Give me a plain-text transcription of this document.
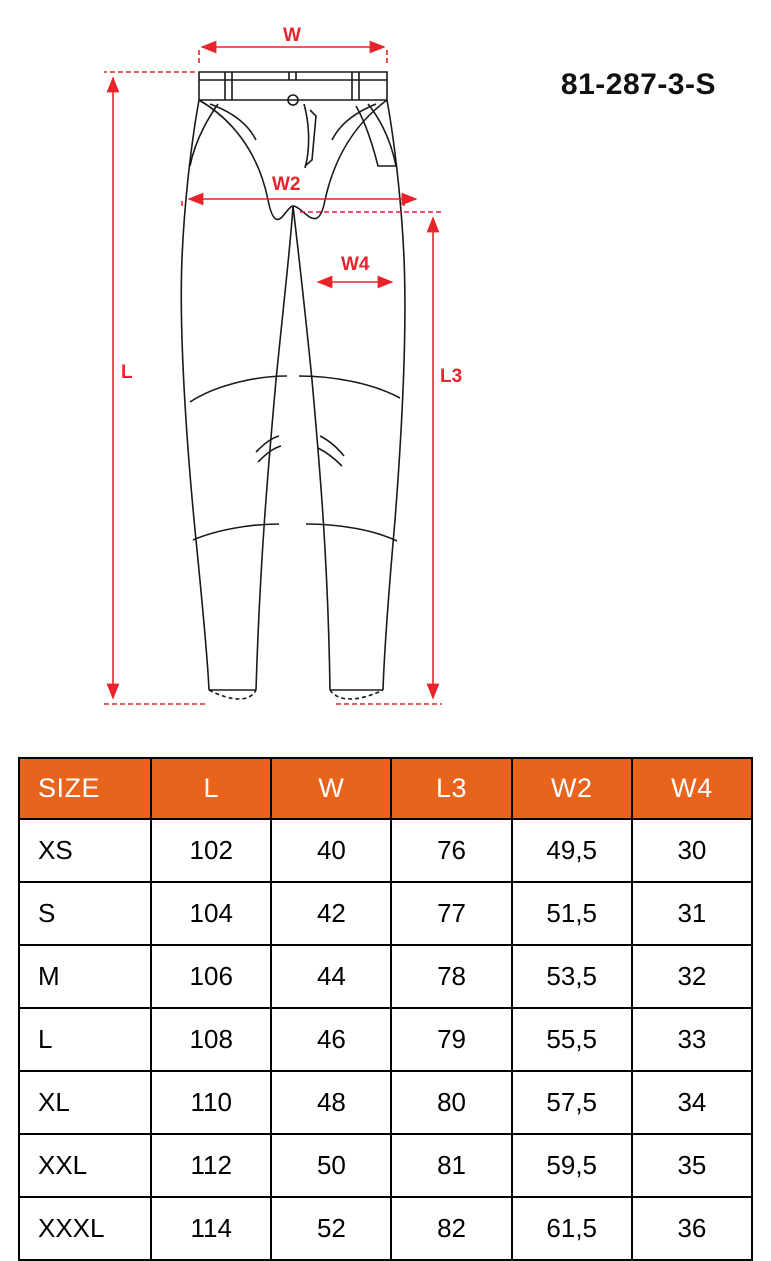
W
W2
W4
L	L3
81-287-3-S
SIZE	L	W	L3	W2	W4
XS	102	40	76	49,5	30
S	104	42	77	51,5	31
M	106	44	78	53,5	32
L	108	46	79	55,5	33
XL	110	48	80	57,5	34
XXL	112	50	81	59,5	35
XXXL	114	52	82	61,5	36
